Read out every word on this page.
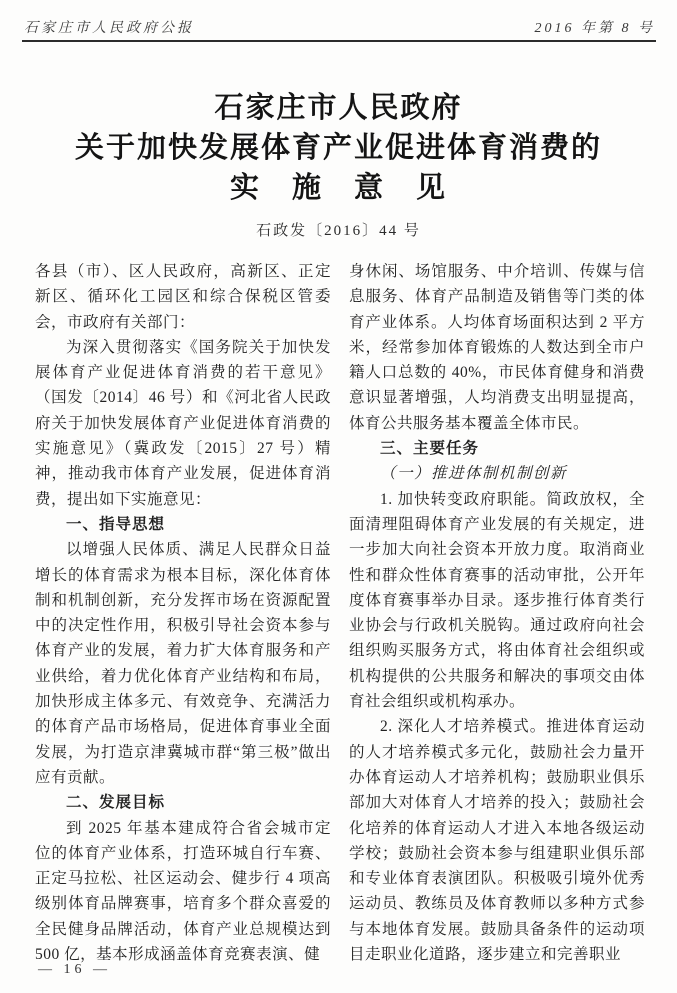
石家庄市人民政府公报	2016 年第 8 号
石家庄市人民政府
关于加快发展体育产业促进体育消费的
实　施　意　见
石政发〔2016〕44 号

各县（市）、区人民政府，高新区、正定新区、循环化工园区和综合保税区管委会，市政府有关部门：

为深入贯彻落实《国务院关于加快发展体育产业促进体育消费的若干意见》（国发〔2014〕46 号）和《河北省人民政府关于加快发展体育产业促进体育消费的实施意见》（冀政发〔2015〕27 号）精神，推动我市体育产业发展，促进体育消费，提出如下实施意见：

一、指导思想

以增强人民体质、满足人民群众日益增长的体育需求为根本目标，深化体育体制和机制创新，充分发挥市场在资源配置中的决定性作用，积极引导社会资本参与体育产业的发展，着力扩大体育服务和产业供给，着力优化体育产业结构和布局，加快形成主体多元、有效竞争、充满活力的体育产品市场格局，促进体育事业全面发展，为打造京津冀城市群“第三极”做出应有贡献。

二、发展目标

到 2025 年基本建成符合省会城市定位的体育产业体系，打造环城自行车赛、正定马拉松、社区运动会、健步行 4 项高级别体育品牌赛事，培育多个群众喜爱的全民健身品牌活动，体育产业总规模达到 500 亿，基本形成涵盖体育竞赛表演、健

身休闲、场馆服务、中介培训、传媒与信息服务、体育产品制造及销售等门类的体育产业体系。人均体育场面积达到 2 平方米，经常参加体育锻炼的人数达到全市户籍人口总数的 40%，市民体育健身和消费意识显著增强，人均消费支出明显提高，体育公共服务基本覆盖全体市民。

三、主要任务

（一）推进体制机制创新

1. 加快转变政府职能。简政放权，全面清理阻碍体育产业发展的有关规定，进一步加大向社会资本开放力度。取消商业性和群众性体育赛事的活动审批，公开年度体育赛事举办目录。逐步推行体育类行业协会与行政机关脱钩。通过政府向社会组织购买服务方式，将由体育社会组织或机构提供的公共服务和解决的事项交由体育社会组织或机构承办。

2. 深化人才培养模式。推进体育运动的人才培养模式多元化，鼓励社会力量开办体育运动人才培养机构；鼓励职业俱乐部加大对体育人才培养的投入；鼓励社会化培养的体育运动人才进入本地各级运动学校；鼓励社会资本参与组建职业俱乐部和专业体育表演团队。积极吸引境外优秀运动员、教练员及体育教师以多种方式参与本地体育发展。鼓励具备条件的运动项目走职业化道路，逐步建立和完善职业

— 16 —
